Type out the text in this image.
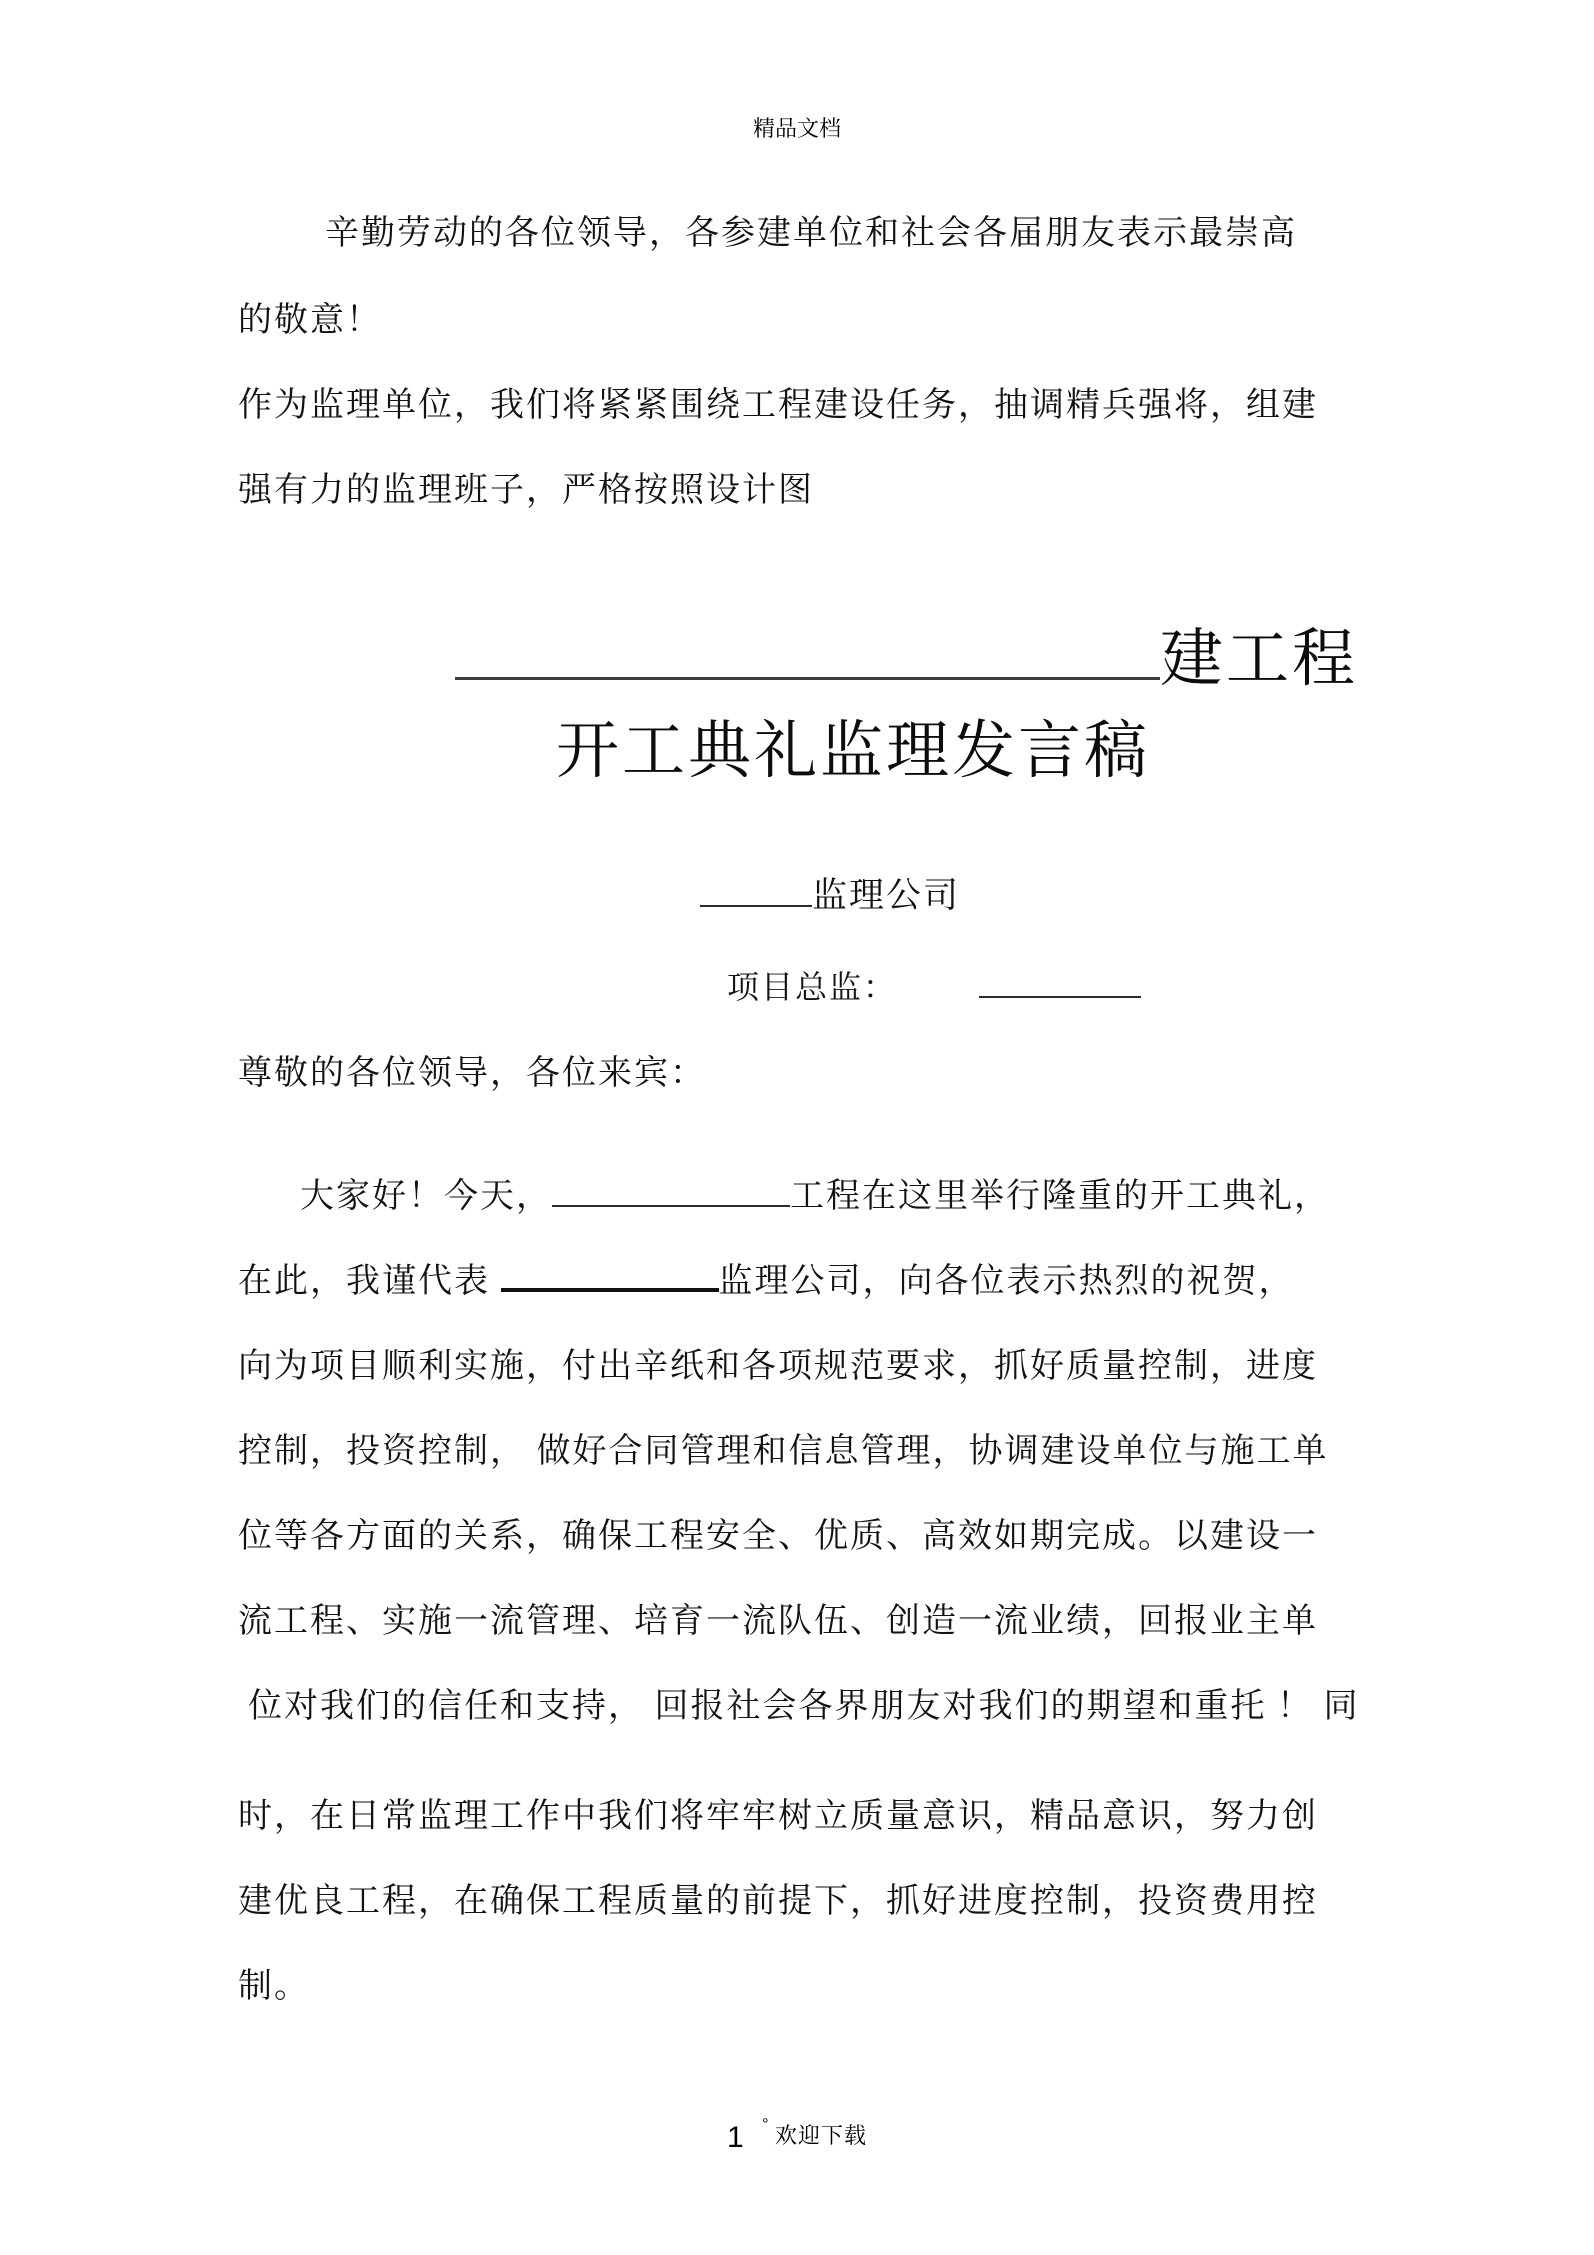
精品文档
辛勤劳动的各位领导，各参建单位和社会各届朋友表示最崇高
的敬意！
作为监理单位，我们将紧紧围绕工程建设任务，抽调精兵强将，组建
强有力的监理班子，严格按照设计图
建工程
开工典礼监理发言稿
监理公司
项目总监：
尊敬的各位领导，各位来宾：
大家好！今天，	工程在这里举行隆重的开工典礼，
在此，我谨代表	监理公司，向各位表示热烈的祝贺，
向为项目顺利实施，付出辛纸和各项规范要求，抓好质量控制，进度
控制，投资控制， 做好合同管理和信息管理，协调建设单位与施工单
位等各方面的关系，确保工程安全、优质、高效如期完成。以建设一
流工程、实施一流管理、培育一流队伍、创造一流业绩，回报业主单
位对我们的信任和支持， 回报社会各界朋友对我们的期望和重托 ！ 同
时，在日常监理工作中我们将牢牢树立质量意识，精品意识，努力创
建优良工程，在确保工程质量的前提下，抓好进度控制，投资费用控
制。
1 ° 欢迎下载
